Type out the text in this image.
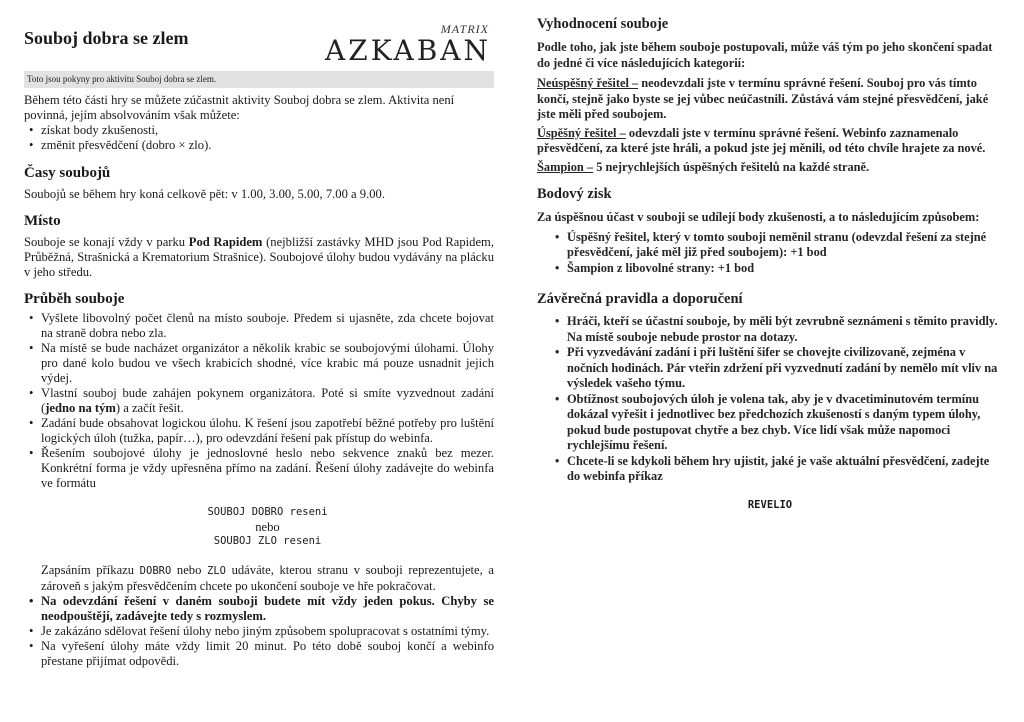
Souboj dobra se zlem	MATRIX
AZKABAN
Toto jsou pokyny pro aktivitu Souboj dobra se zlem.

Během této části hry se můžete zúčastnit aktivity Souboj dobra se zlem. Aktivita není povinná, jejím absolvováním však můžete:

• získat body zkušenosti,
• změnit přesvědčení (dobro × zlo).
Časy soubojů

Soubojů se během hry koná celkově pět: v 1.00, 3.00, 5.00, 7.00 a 9.00.

Místo

Souboje se konají vždy v parku Pod Rapidem (nejbližší zastávky MHD jsou Pod Rapidem, Průběžná, Strašnická a Krematorium Strašnice). Soubojové úlohy budou vydávány na plácku v jeho středu.

Průběh souboje
• Vyšlete libovolný počet členů na místo souboje. Předem si ujasněte, zda chcete bojovat na straně dobra nebo zla.
• Na místě se bude nacházet organizátor a několik krabic se soubojovými úlohami. Úlohy pro dané kolo budou ve všech krabicích shodné, více krabic má pouze usnadnit jejich výdej.
• Vlastní souboj bude zahájen pokynem organizátora. Poté si smíte vyzvednout zadání (jedno na tým) a začít řešit.
• Zadání bude obsahovat logickou úlohu. K řešení jsou zapotřebí běžné potřeby pro luštění logických úloh (tužka, papír…), pro odevzdání řešení pak přístup do webinfa.
• Řešením soubojové úlohy je jednoslovné heslo nebo sekvence znaků bez mezer. Konkrétní forma je vždy upřesněna přímo na zadání. Řešení úlohy zadávejte do webinfa ve formátu
SOUBOJ DOBRO reseni
nebo
SOUBOJ ZLO reseni
Zapsáním příkazu DOBRO nebo ZLO udáváte, kterou stranu v souboji reprezentujete, a zároveň s jakým přesvědčením chcete po ukončení souboje ve hře pokračovat.
• Na odevzdání řešení v daném souboji budete mít vždy jeden pokus. Chyby se neodpouštějí, zadávejte tedy s rozmyslem.
• Je zakázáno sdělovat řešení úlohy nebo jiným způsobem spolupracovat s ostatními týmy.
• Na vyřešení úlohy máte vždy limit 20 minut. Po této době souboj končí a webinfo přestane přijímat odpovědi.
Vyhodnocení souboje

Podle toho, jak jste během souboje postupovali, může váš tým po jeho skončení spadat do jedné či více následujících kategorií:

Neúspěšný řešitel – neodevzdali jste v termínu správné řešení. Souboj pro vás tímto končí, stejně jako byste se jej vůbec neúčastnili. Zůstává vám stejné přesvědčení, jaké jste měli před soubojem.

Úspěšný řešitel – odevzdali jste v termínu správné řešení. Webinfo zaznamenalo přesvědčení, za které jste hráli, a pokud jste jej měnili, od této chvíle hrajete za nové.

Šampion – 5 nejrychlejších úspěšných řešitelů na každé straně.

Bodový zisk

Za úspěšnou účast v souboji se udílejí body zkušenosti, a to následujícím způsobem:

• Úspěšný řešitel, který v tomto souboji neměnil stranu (odevzdal řešení za stejné přesvědčení, jaké měl již před soubojem): +1 bod
• Šampion z libovolné strany: +1 bod
Závěrečná pravidla a doporučení
• Hráči, kteří se účastní souboje, by měli být zevrubně seznámeni s těmito pravidly. Na místě souboje nebude prostor na dotazy.
• Při vyzvedávání zadání i při luštění šifer se chovejte civilizovaně, zejména v nočních hodinách. Pár vteřin zdržení při vyzvednutí zadání by nemělo mít vliv na výsledek vašeho týmu.
• Obtížnost soubojových úloh je volena tak, aby je v dvacetiminutovém termínu dokázal vyřešit i jednotlivec bez předchozích zkušeností s daným typem úlohy, pokud bude postupovat chytře a bez chyb. Více lidí však může napomoci rychlejšímu řešení.
• Chcete-li se kdykoli během hry ujistit, jaké je vaše aktuální přesvědčení, zadejte do webinfa příkaz
REVELIO
